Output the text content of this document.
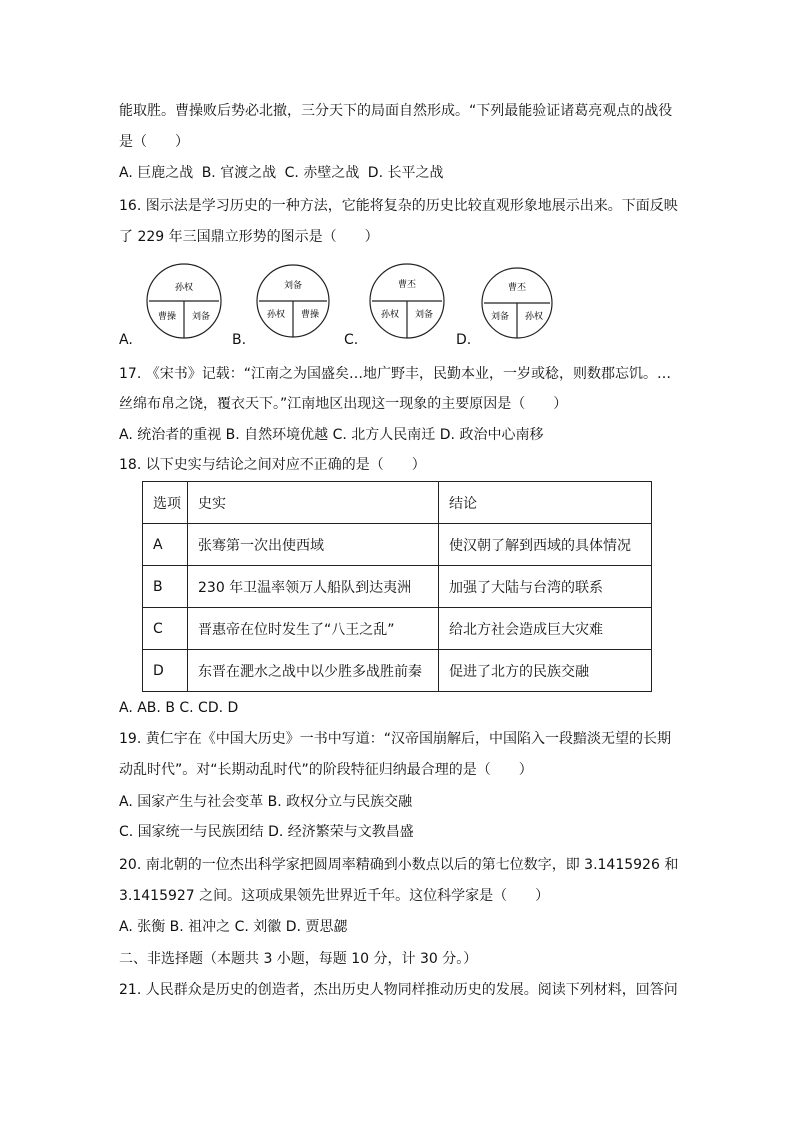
能取胜。曹操败后势必北撤，三分天下的局面自然形成。“下列最能验证诸葛亮观点的战役
是（　　）
A. 巨鹿之战 B. 官渡之战 C. 赤壁之战 D. 长平之战
16. 图示法是学习历史的一种方法，它能将复杂的历史比较直观形象地展示出来。下面反映
了 229 年三国鼎立形势的图示是（　　）
A.
孙权
曹操 刘备
B.
刘备
孙权 曹操
C.
曹丕
孙权 刘备
D.
曹丕
刘备 孙权
17. 《宋书》记载：“江南之为国盛矣…地广野丰，民勤本业，一岁或稔，则数郡忘饥。…
丝绵布帛之饶，覆衣天下。”江南地区出现这一现象的主要原因是（　　）
A. 统治者的重视 B. 自然环境优越 C. 北方人民南迁 D. 政治中心南移
18. 以下史实与结论之间对应不正确的是（　　）
选项	史实	结论
A	张骞第一次出使西域	使汉朝了解到西域的具体情况
B	230 年卫温率领万人船队到达夷洲	加强了大陆与台湾的联系
C	晋惠帝在位时发生了“八王之乱”	给北方社会造成巨大灾难
D	东晋在淝水之战中以少胜多战胜前秦	促进了北方的民族交融
A. AB. B C. CD. D
19. 黄仁宇在《中国大历史》一书中写道：“汉帝国崩解后，中国陷入一段黯淡无望的长期
动乱时代”。对“长期动乱时代”的阶段特征归纳最合理的是（　　）
A. 国家产生与社会变革 B. 政权分立与民族交融
C. 国家统一与民族团结 D. 经济繁荣与文教昌盛
20. 南北朝的一位杰出科学家把圆周率精确到小数点以后的第七位数字，即 3.1415926 和
3.1415927 之间。这项成果领先世界近千年。这位科学家是（　　）
A. 张衡 B. 祖冲之 C. 刘徽 D. 贾思勰
二、非选择题（本题共 3 小题，每题 10 分，计 30 分。）
21. 人民群众是历史的创造者，杰出历史人物同样推动历史的发展。阅读下列材料，回答问
